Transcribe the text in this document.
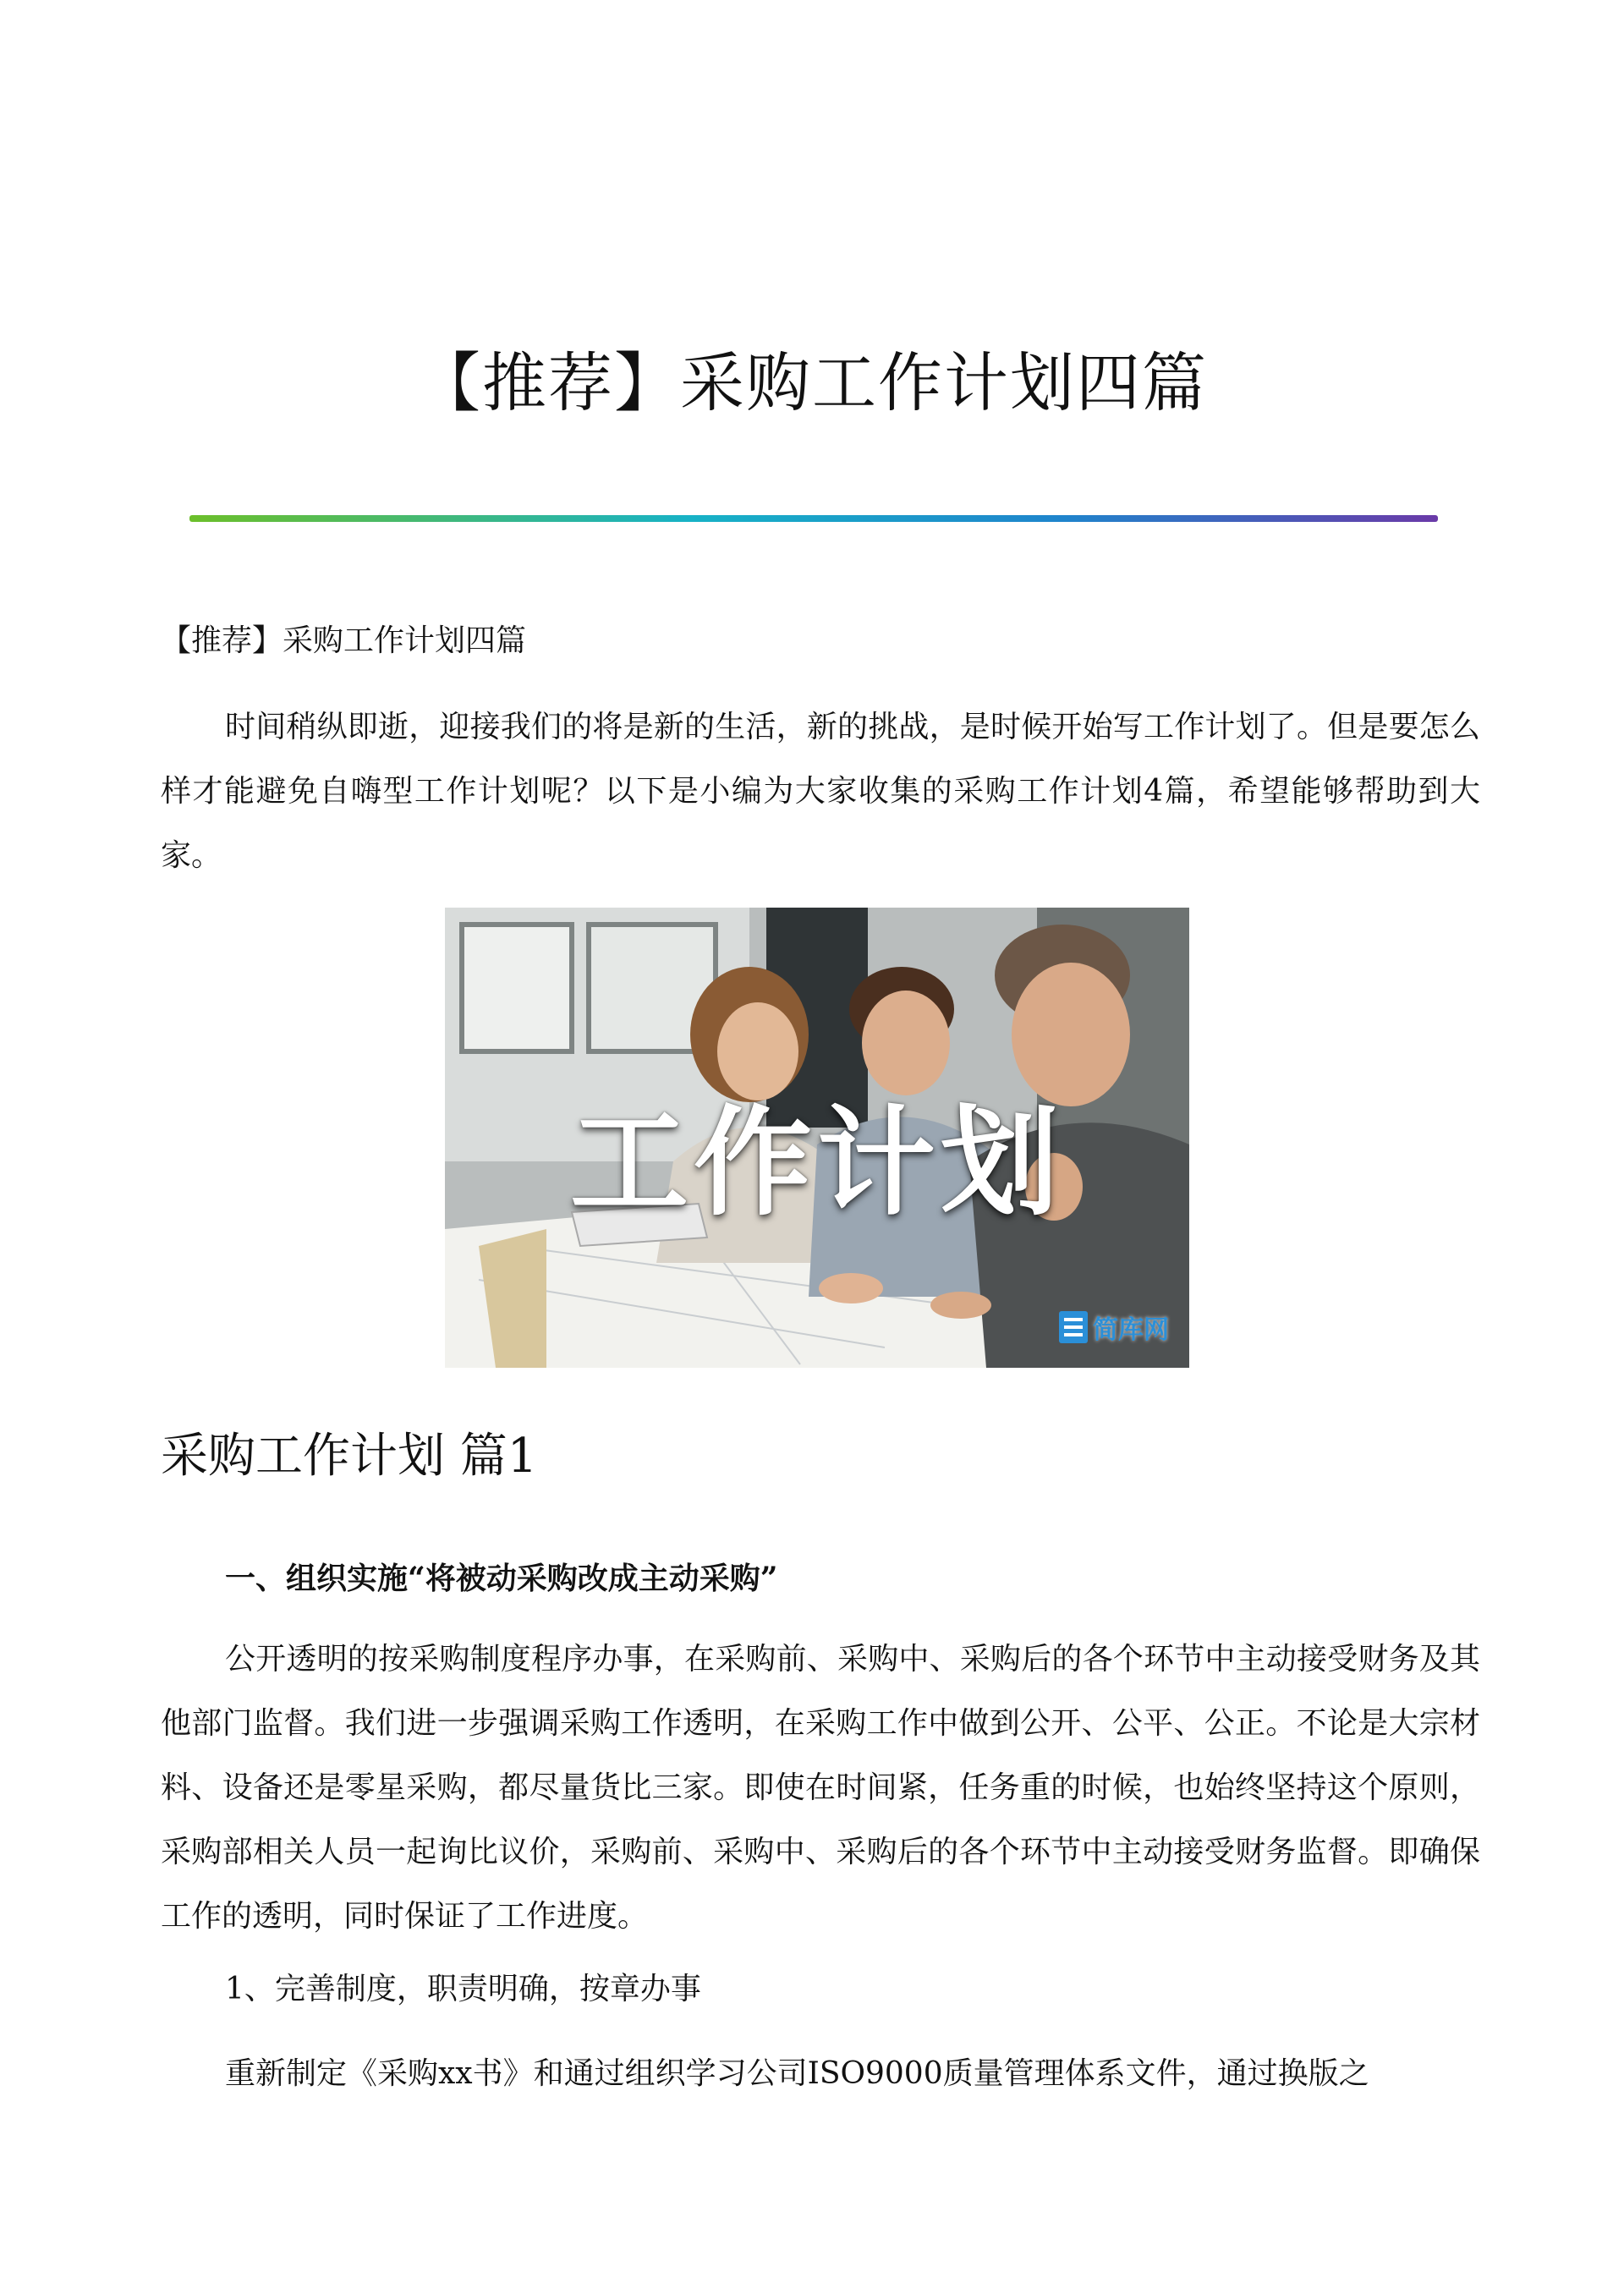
【推荐】采购工作计划四篇
【推荐】采购工作计划四篇
时间稍纵即逝，迎接我们的将是新的生活，新的挑战，是时候开始写工作计划了。但是要怎么样才能避免自嗨型工作计划呢？以下是小编为大家收集的采购工作计划4篇，希望能够帮助到大家。
工作计划
简库网
采购工作计划 篇1
一、组织实施“将被动采购改成主动采购”
公开透明的按采购制度程序办事，在采购前、采购中、采购后的各个环节中主动接受财务及其他部门监督。我们进一步强调采购工作透明，在采购工作中做到公开、公平、公正。不论是大宗材料、设备还是零星采购，都尽量货比三家。即使在时间紧，任务重的时候，也始终坚持这个原则，采购部相关人员一起询比议价，采购前、采购中、采购后的各个环节中主动接受财务监督。即确保工作的透明，同时保证了工作进度。
1、完善制度，职责明确，按章办事
重新制定《采购xx书》和通过组织学习公司ISO9000质量管理体系文件，通过换版之
